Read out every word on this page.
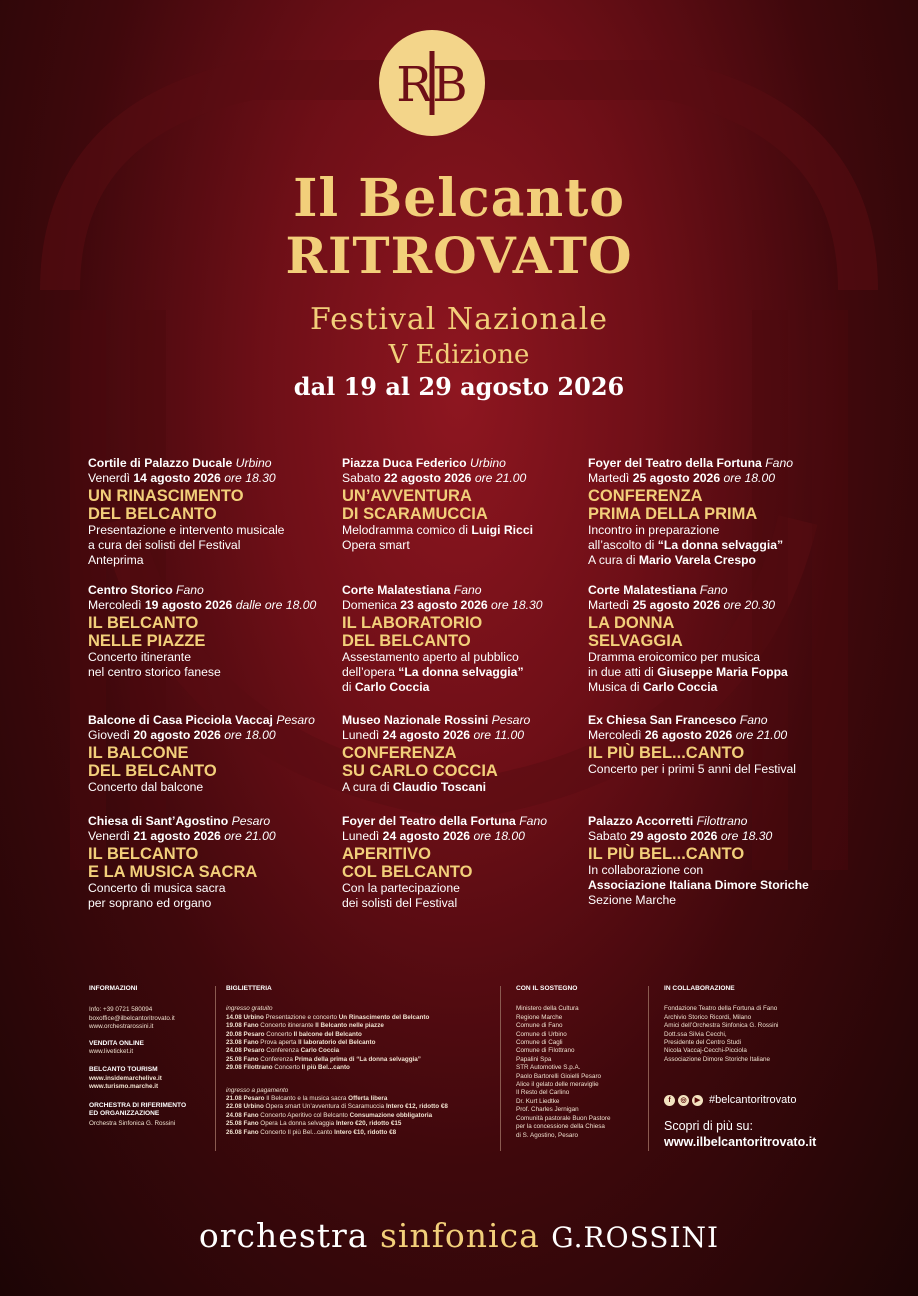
RB
Il Belcanto
RITROVATO
Festival Nazionale
V Edizione
dal 19 al 29 agosto 2026
Cortile di Palazzo Ducale Urbino
Venerdì 14 agosto 2026 ore 18.30
UN RINASCIMENTO
DEL BELCANTO
Presentazione e intervento musicale
a cura dei solisti del Festival
Anteprima
Piazza Duca Federico Urbino
Sabato 22 agosto 2026 ore 21.00
UN’AVVENTURA
DI SCARAMUCCIA
Melodramma comico di Luigi Ricci
Opera smart
Foyer del Teatro della Fortuna Fano
Martedì 25 agosto 2026 ore 18.00
CONFERENZA
PRIMA DELLA PRIMA
Incontro in preparazione
all’ascolto di “La donna selvaggia”
A cura di Mario Varela Crespo
Centro Storico Fano
Mercoledì 19 agosto 2026 dalle ore 18.00
IL BELCANTO
NELLE PIAZZE
Concerto itinerante
nel centro storico fanese
Corte Malatestiana Fano
Domenica 23 agosto 2026 ore 18.30
IL LABORATORIO
DEL BELCANTO
Assestamento aperto al pubblico
dell’opera “La donna selvaggia”
di Carlo Coccia
Corte Malatestiana Fano
Martedì 25 agosto 2026 ore 20.30
LA DONNA
SELVAGGIA
Dramma eroicomico per musica
in due atti di Giuseppe Maria Foppa
Musica di Carlo Coccia
Balcone di Casa Picciola Vaccaj Pesaro
Giovedì 20 agosto 2026 ore 18.00
IL BALCONE
DEL BELCANTO
Concerto dal balcone
Museo Nazionale Rossini Pesaro
Lunedì 24 agosto 2026 ore 11.00
CONFERENZA
SU CARLO COCCIA
A cura di Claudio Toscani
Ex Chiesa San Francesco Fano
Mercoledì 26 agosto 2026 ore 21.00
IL PIÙ BEL...CANTO
Concerto per i primi 5 anni del Festival
Chiesa di Sant’Agostino Pesaro
Venerdì 21 agosto 2026 ore 21.00
IL BELCANTO
E LA MUSICA SACRA
Concerto di musica sacra
per soprano ed organo
Foyer del Teatro della Fortuna Fano
Lunedì 24 agosto 2026 ore 18.00
APERITIVO
COL BELCANTO
Con la partecipazione
dei solisti del Festival
Palazzo Accorretti Filottrano
Sabato 29 agosto 2026 ore 18.30
IL PIÙ BEL...CANTO
In collaborazione con
Associazione Italiana Dimore Storiche
Sezione Marche
INFORMAZIONI
Info: +39 0721 580094
boxoffice@ilbelcantoritrovato.it
www.orchestrarossini.it
VENDITA ONLINE
www.liveticket.it
BELCANTO TOURISM
www.insidemarchelive.it
www.turismo.marche.it
ORCHESTRA DI RIFERIMENTO
ED ORGANIZZAZIONE
Orchestra Sinfonica G. Rossini
BIGLIETTERIA
ingresso gratuito
14.08 Urbino Presentazione e concerto Un Rinascimento del Belcanto
19.08 Fano Concerto itinerante Il Belcanto nelle piazze
20.08 Pesaro Concerto Il balcone del Belcanto
23.08 Fano Prova aperta Il laboratorio del Belcanto
24.08 Pesaro Conferenza Carlo Coccia
25.08 Fano Conferenza Prima della prima di “La donna selvaggia”
29.08 Filottrano Concerto Il più Bel...canto
ingresso a pagamento
21.08 Pesaro Il Belcanto e la musica sacra Offerta libera
22.08 Urbino Opera smart Un’avventura di Scaramuccia Intero €12, ridotto €8
24.08 Fano Concerto Aperitivo col Belcanto Consumazione obbligatoria
25.08 Fano Opera La donna selvaggia Intero €20, ridotto €15
26.08 Fano Concerto Il più Bel...canto Intero €10, ridotto €8
CON IL SOSTEGNO
Ministero della Cultura
Regione Marche
Comune di Fano
Comune di Urbino
Comune di Cagli
Comune di Filottrano
Papalini Spa
STR Automotive S.p.A.
Paolo Bartorelli Gioielli Pesaro
Alice il gelato delle meraviglie
Il Resto del Carlino
Dr. Kurt Liedtke
Prof. Charles Jernigan
Comunità pastorale Buon Pastore
per la concessione della Chiesa
di S. Agostino, Pesaro
IN COLLABORAZIONE
Fondazione Teatro della Fortuna di Fano
Archivio Storico Ricordi, Milano
Amici dell’Orchestra Sinfonica G. Rossini
Dott.ssa Silvia Cecchi,
Presidente del Centro Studi
Nicola Vaccaj-Cecchi-Picciola
Associazione Dimore Storiche Italiane
f	◎	▶ #belcantoritrovato
Scopri di più su:
www.ilbelcantoritrovato.it
orchestra sinfonica G.ROSSINI
